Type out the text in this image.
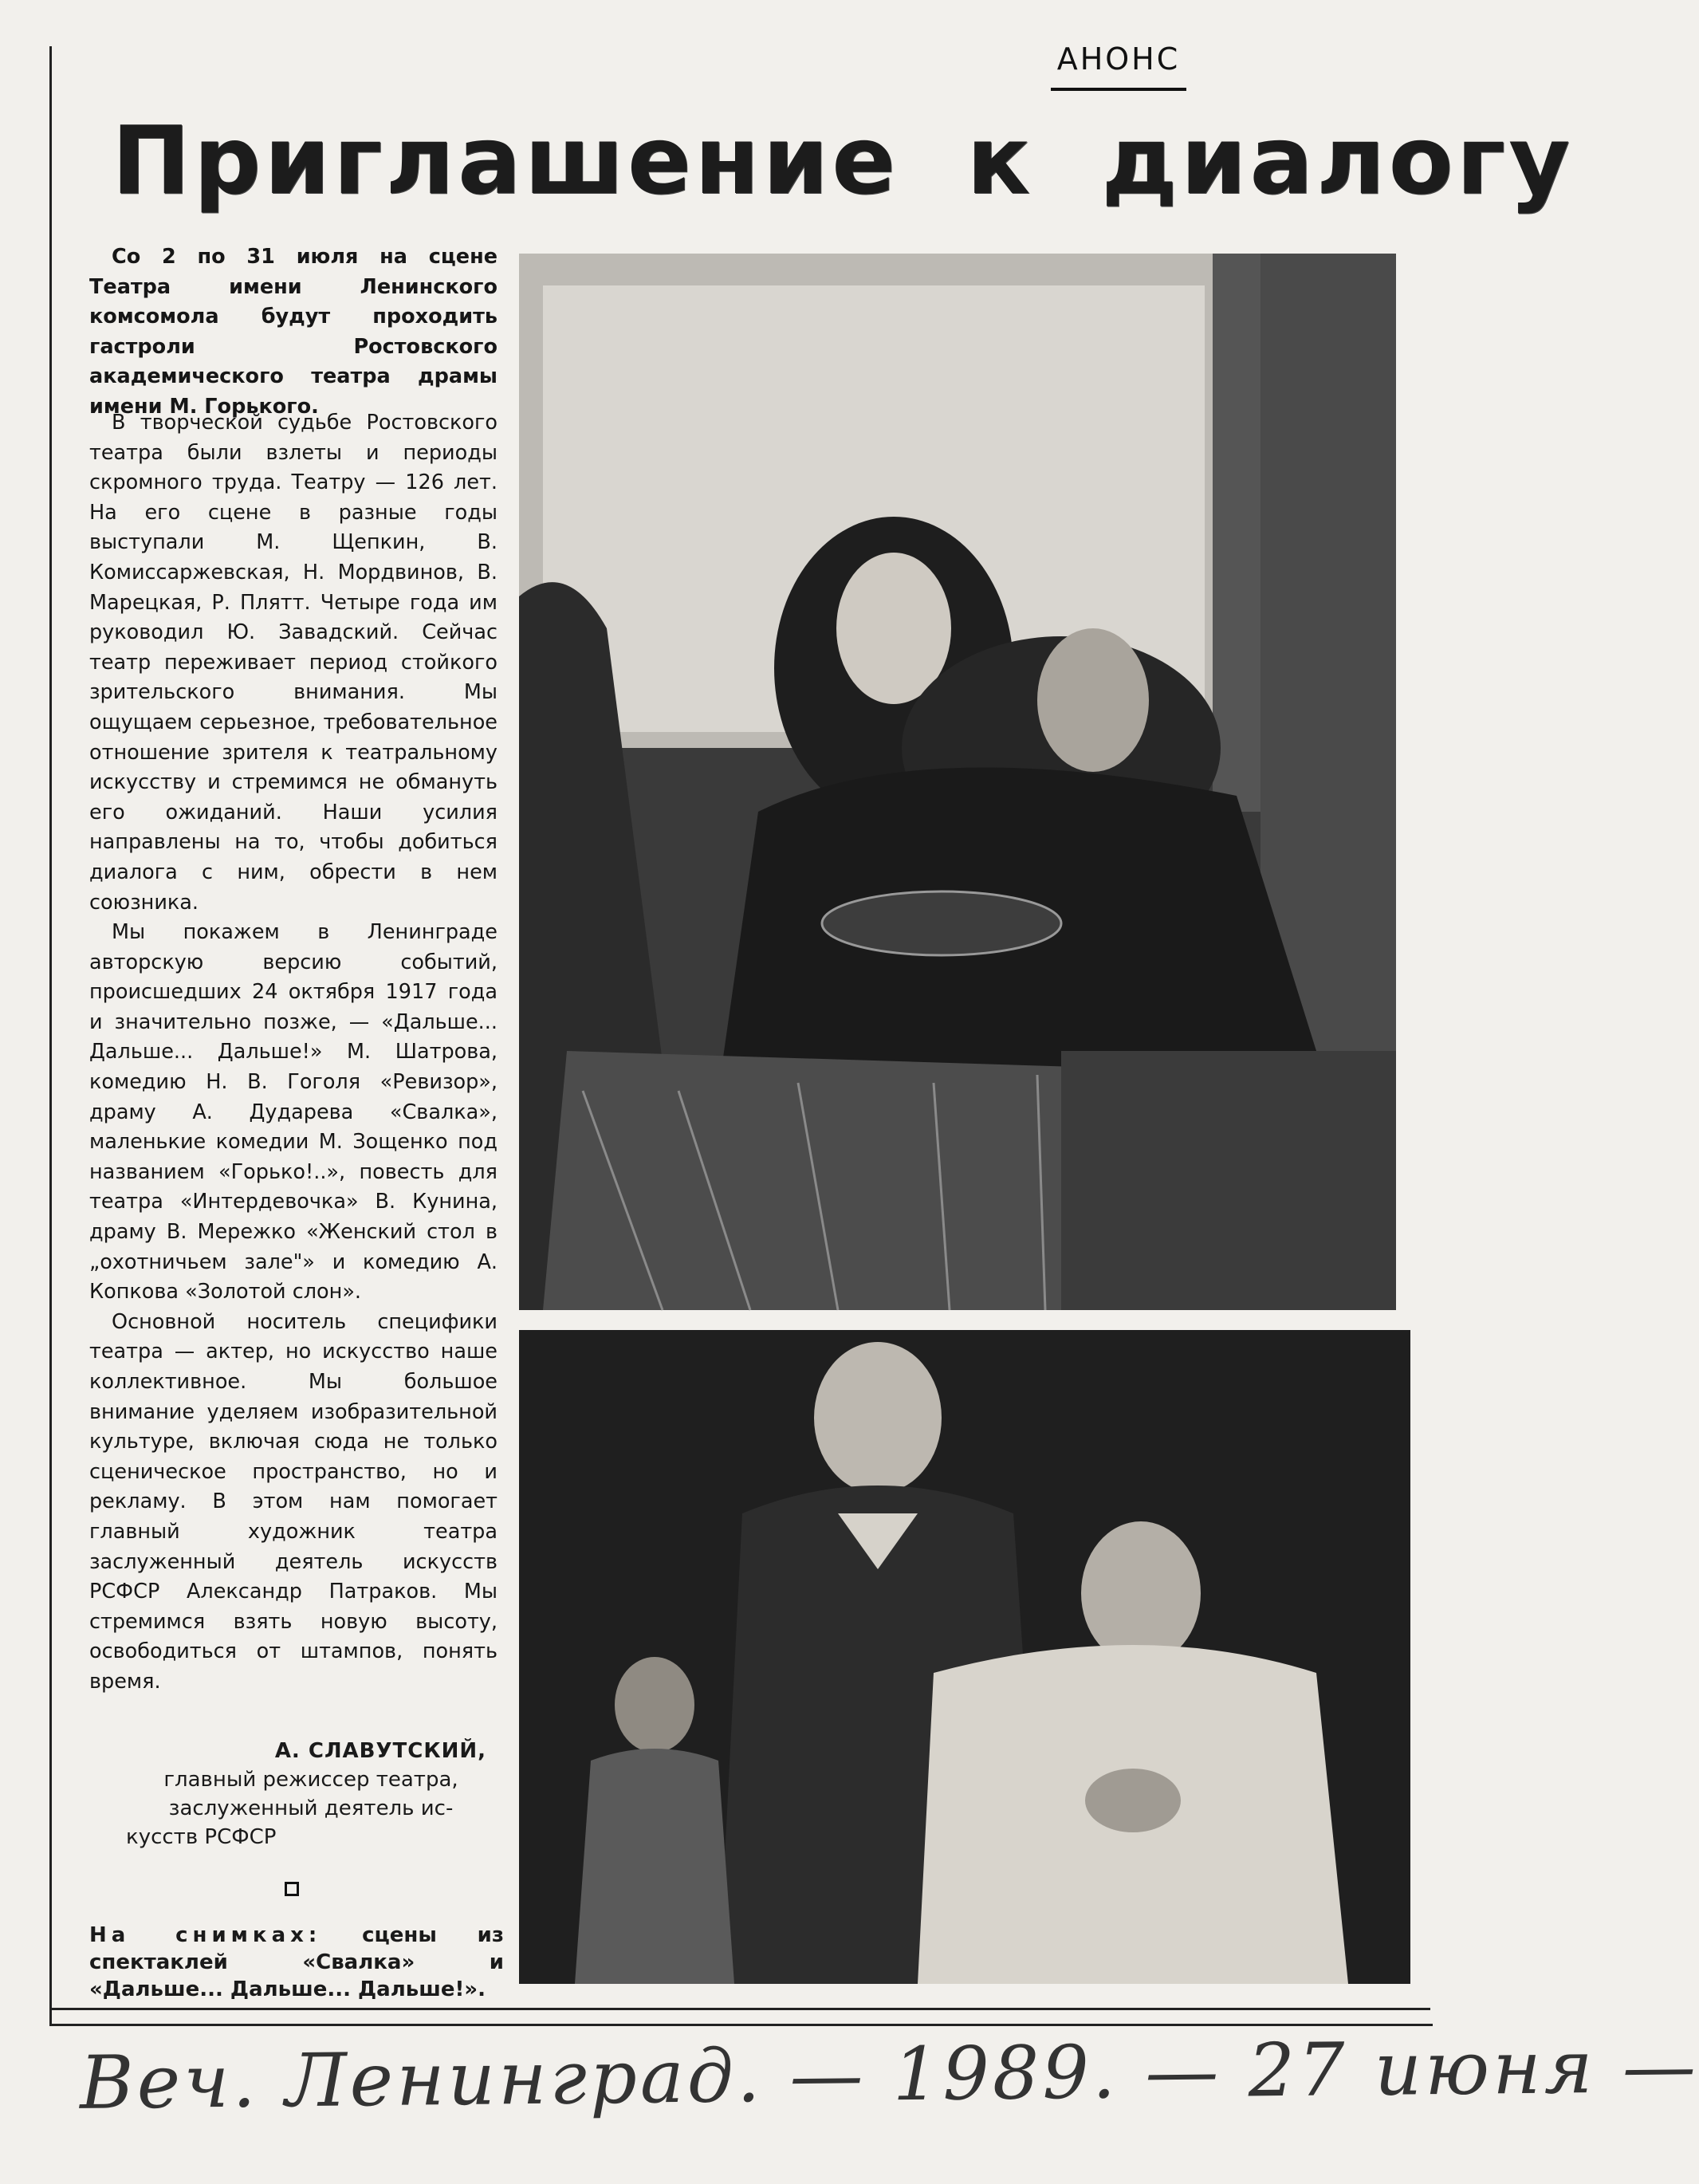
АНОНС
Приглашение к диалогу

Со 2 по 31 июля на сцене Театра имени Ленинского комсомола будут проходить гастроли Ростовского академического театра драмы имени М. Горького.

В творческой судьбе Ростовского театра были взлеты и периоды скромного труда. Театру — 126 лет. На его сцене в разные годы выступали М. Щепкин, В. Комиссаржевская, Н. Мордвинов, В. Марецкая, Р. Плятт. Четыре года им руководил Ю. Завадский. Сейчас театр переживает период стойкого зрительского внимания. Мы ощущаем серьезное, требовательное отношение зрителя к театральному искусству и стремимся не обмануть его ожиданий. Наши усилия направлены на то, чтобы добиться диалога с ним, обрести в нем союзника.

Мы покажем в Ленинграде авторскую версию событий, происшедших 24 октября 1917 года и значительно позже, — «Дальше... Дальше... Дальше!» М. Шатрова, комедию Н. В. Гоголя «Ревизор», драму А. Дударева «Свалка», маленькие комедии М. Зощенко под названием «Горько!..», повесть для театра «Интердевочка» В. Кунина, драму В. Мережко «Женский стол в „охотничьем зале"» и комедию А. Копкова «Золотой слон».

Основной носитель специфики театра — актер, но искусство наше коллективное. Мы большое внимание уделяем изобразительной культуре, включая сюда не только сценическое пространство, но и рекламу. В этом нам помогает главный художник театра заслуженный деятель искусств РСФСР Александр Патраков. Мы стремимся взять новую высоту, освободиться от штампов, понять время.

А. СЛАВУТСКИЙ,
главный режиссер театра,
заслуженный деятель ис-
кусств РСФСР
На снимках: сцены из спектаклей «Свалка» и «Дальше... Дальше... Дальше!».
Веч. Ленинград. — 1989. — 27 июня —
